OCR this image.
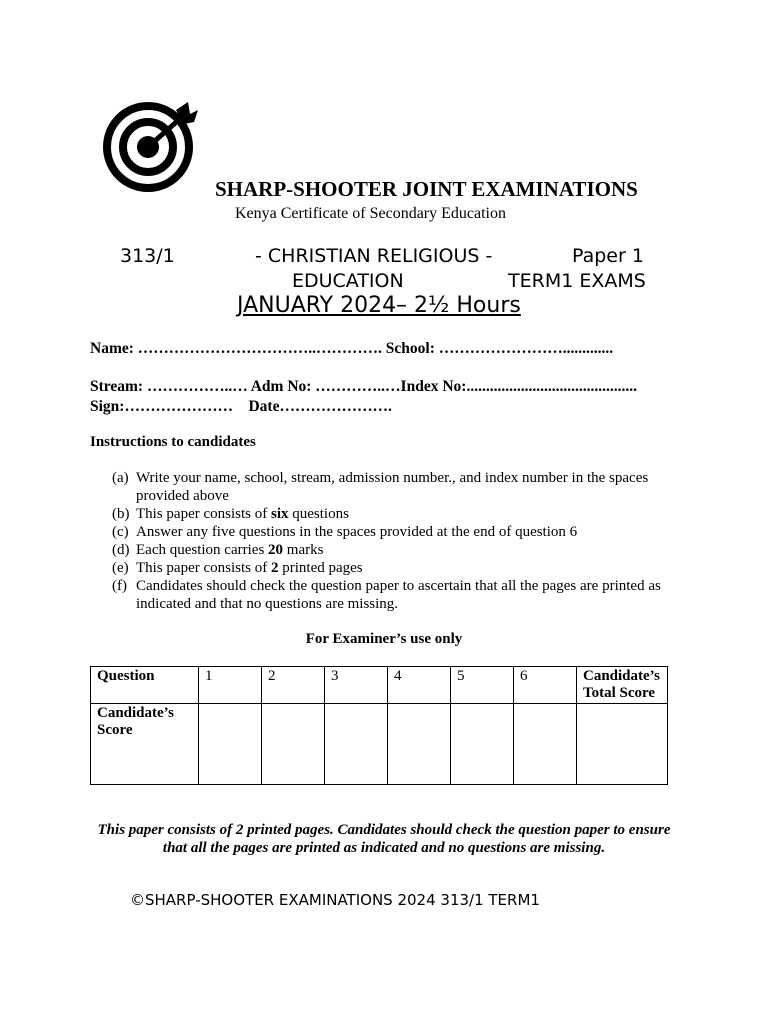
SHARP-SHOOTER JOINT EXAMINATIONS
Kenya Certificate of Secondary Education
313/1	- CHRISTIAN RELIGIOUS -	Paper 1
EDUCATION	TERM1 EXAMS
JANUARY 2024– 2½ Hours
Name: ……………………………..…………. School: …………………….............
Stream: ……………..… Adm No: …………..…Index No:............................................
Sign:…………………    Date………………….
Instructions to candidates
(a) Write your name, school, stream, admission number., and index number in the spaces provided above
(b) This paper consists of six questions
(c) Answer any five questions in the spaces provided at the end of question 6
(d) Each question carries 20 marks
(e) This paper consists of 2 printed pages
(f) Candidates should check the question paper to ascertain that all the pages are printed as indicated and that no questions are missing.
For Examiner’s use only
Question	1	2	3	4	5	6	Candidate’s Total Score
Candidate’s Score							
This paper consists of 2 printed pages. Candidates should check the question paper to ensure that all the pages are printed as indicated and no questions are missing.
©SHARP-SHOOTER EXAMINATIONS 2024 313/1 TERM1
